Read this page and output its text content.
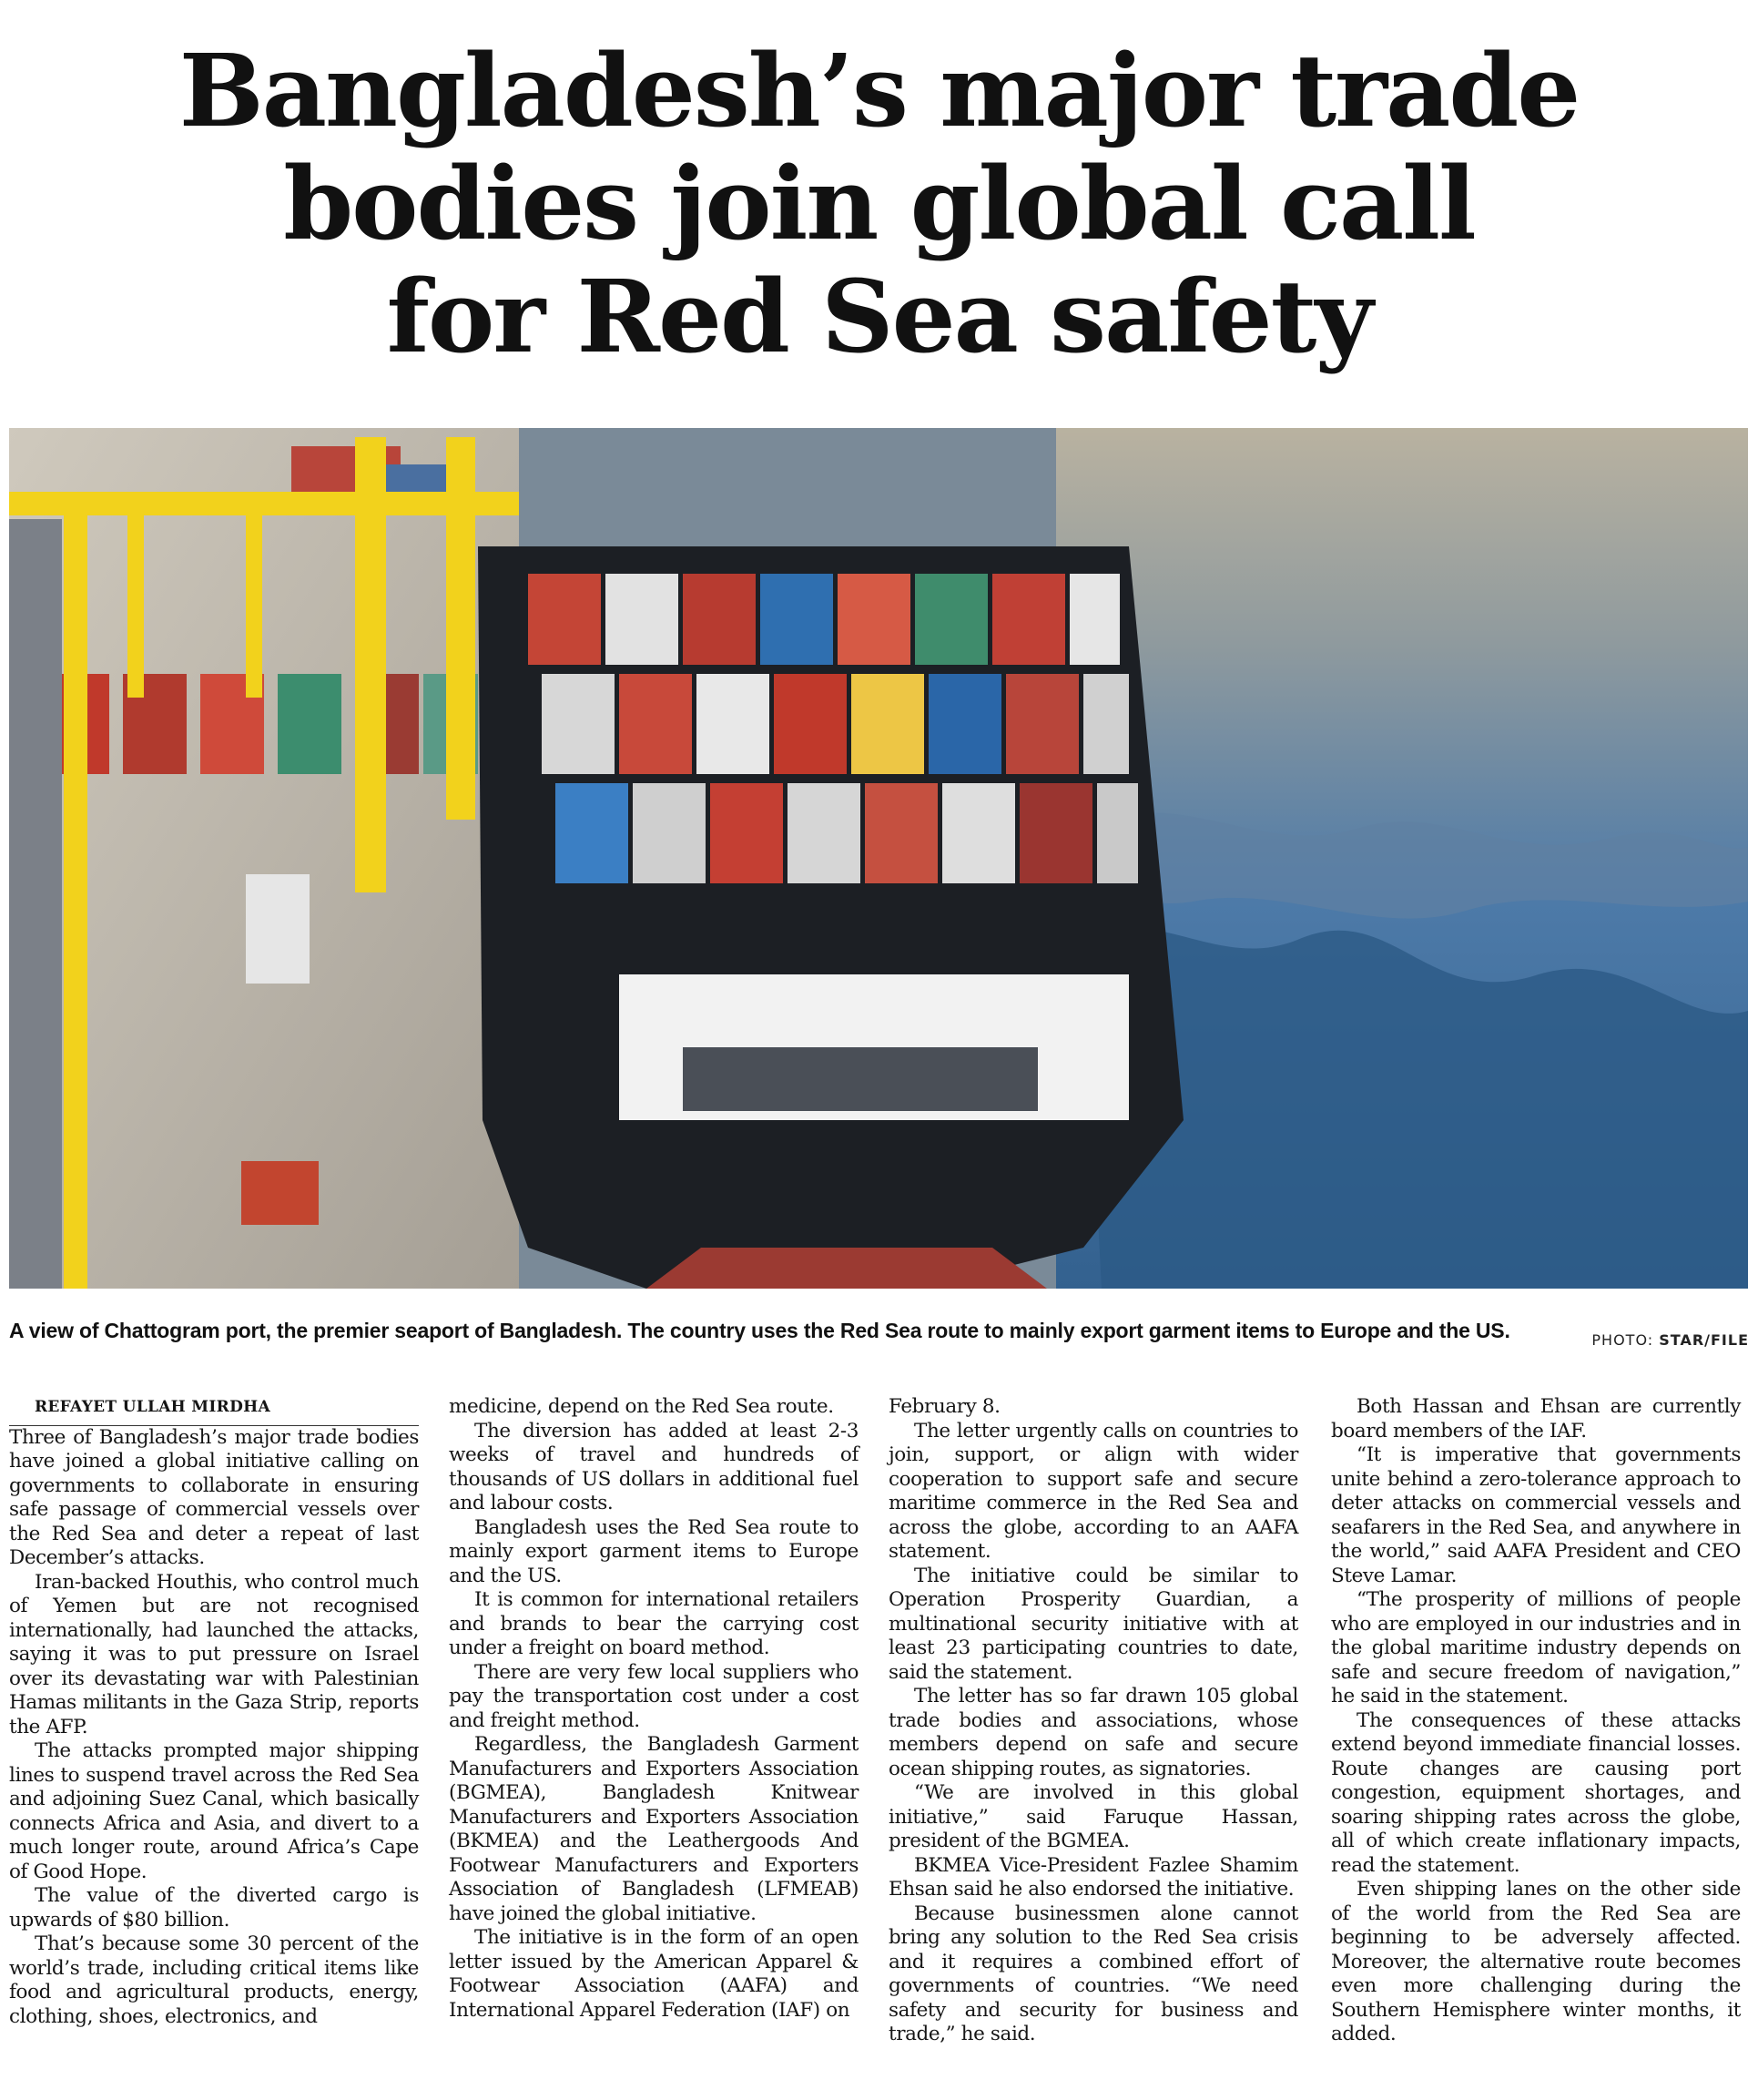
Bangladesh’s major trade
bodies join global call
for Red Sea safety
A view of Chattogram port, the premier seaport of Bangladesh. The country uses the Red Sea route to mainly export garment items to Europe and the US.	PHOTO: STAR/FILE

REFAYET ULLAH MIRDHA

Three of Bangladesh’s major trade bodies have joined a global initiative calling on governments to collaborate in ensuring safe passage of commercial vessels over the Red Sea and deter a repeat of last December’s attacks.

Iran-backed Houthis, who control much of Yemen but are not recognised internationally, had launched the attacks, saying it was to put pressure on Israel over its devastating war with Palestinian Hamas militants in the Gaza Strip, reports the AFP.

The attacks prompted major shipping lines to suspend travel across the Red Sea and adjoining Suez Canal, which basically connects Africa and Asia, and divert to a much longer route, around Africa’s Cape of Good Hope.

The value of the diverted cargo is upwards of $80 billion.

That’s because some 30 percent of the world’s trade, including critical items like food and agricultural products, energy, clothing, shoes, electronics, and

medicine, depend on the Red Sea route.

The diversion has added at least 2-3 weeks of travel and hundreds of thousands of US dollars in additional fuel and labour costs.

Bangladesh uses the Red Sea route to mainly export garment items to Europe and the US.

It is common for international retailers and brands to bear the carrying cost under a freight on board method.

There are very few local suppliers who pay the transportation cost under a cost and freight method.

Regardless, the Bangladesh Garment Manufacturers and Exporters Association (BGMEA), Bangladesh Knitwear Manufacturers and Exporters Association (BKMEA) and the Leathergoods And Footwear Manufacturers and Exporters Association of Bangladesh (LFMEAB) have joined the global initiative.

The initiative is in the form of an open letter issued by the American Apparel & Footwear Association (AAFA) and International Apparel Federation (IAF) on

February 8.

The letter urgently calls on countries to join, support, or align with wider cooperation to support safe and secure maritime commerce in the Red Sea and across the globe, according to an AAFA statement.

The initiative could be similar to Operation Prosperity Guardian, a multinational security initiative with at least 23 participating countries to date, said the statement.

The letter has so far drawn 105 global trade bodies and associations, whose members depend on safe and secure ocean shipping routes, as signatories.

“We are involved in this global initiative,” said Faruque Hassan, president of the BGMEA.

BKMEA Vice-President Fazlee Shamim Ehsan said he also endorsed the initiative.

Because businessmen alone cannot bring any solution to the Red Sea crisis and it requires a combined effort of governments of countries. “We need safety and security for business and trade,” he said.

Both Hassan and Ehsan are currently board members of the IAF.

“It is imperative that governments unite behind a zero-tolerance approach to deter attacks on commercial vessels and seafarers in the Red Sea, and anywhere in the world,” said AAFA President and CEO Steve Lamar.

“The prosperity of millions of people who are employed in our industries and in the global maritime industry depends on safe and secure freedom of navigation,” he said in the statement.

The consequences of these attacks extend beyond immediate financial losses. Route changes are causing port congestion, equipment shortages, and soaring shipping rates across the globe, all of which create inflationary impacts, read the statement.

Even shipping lanes on the other side of the world from the Red Sea are beginning to be adversely affected. Moreover, the alternative route becomes even more challenging during the Southern Hemisphere winter months, it added.
